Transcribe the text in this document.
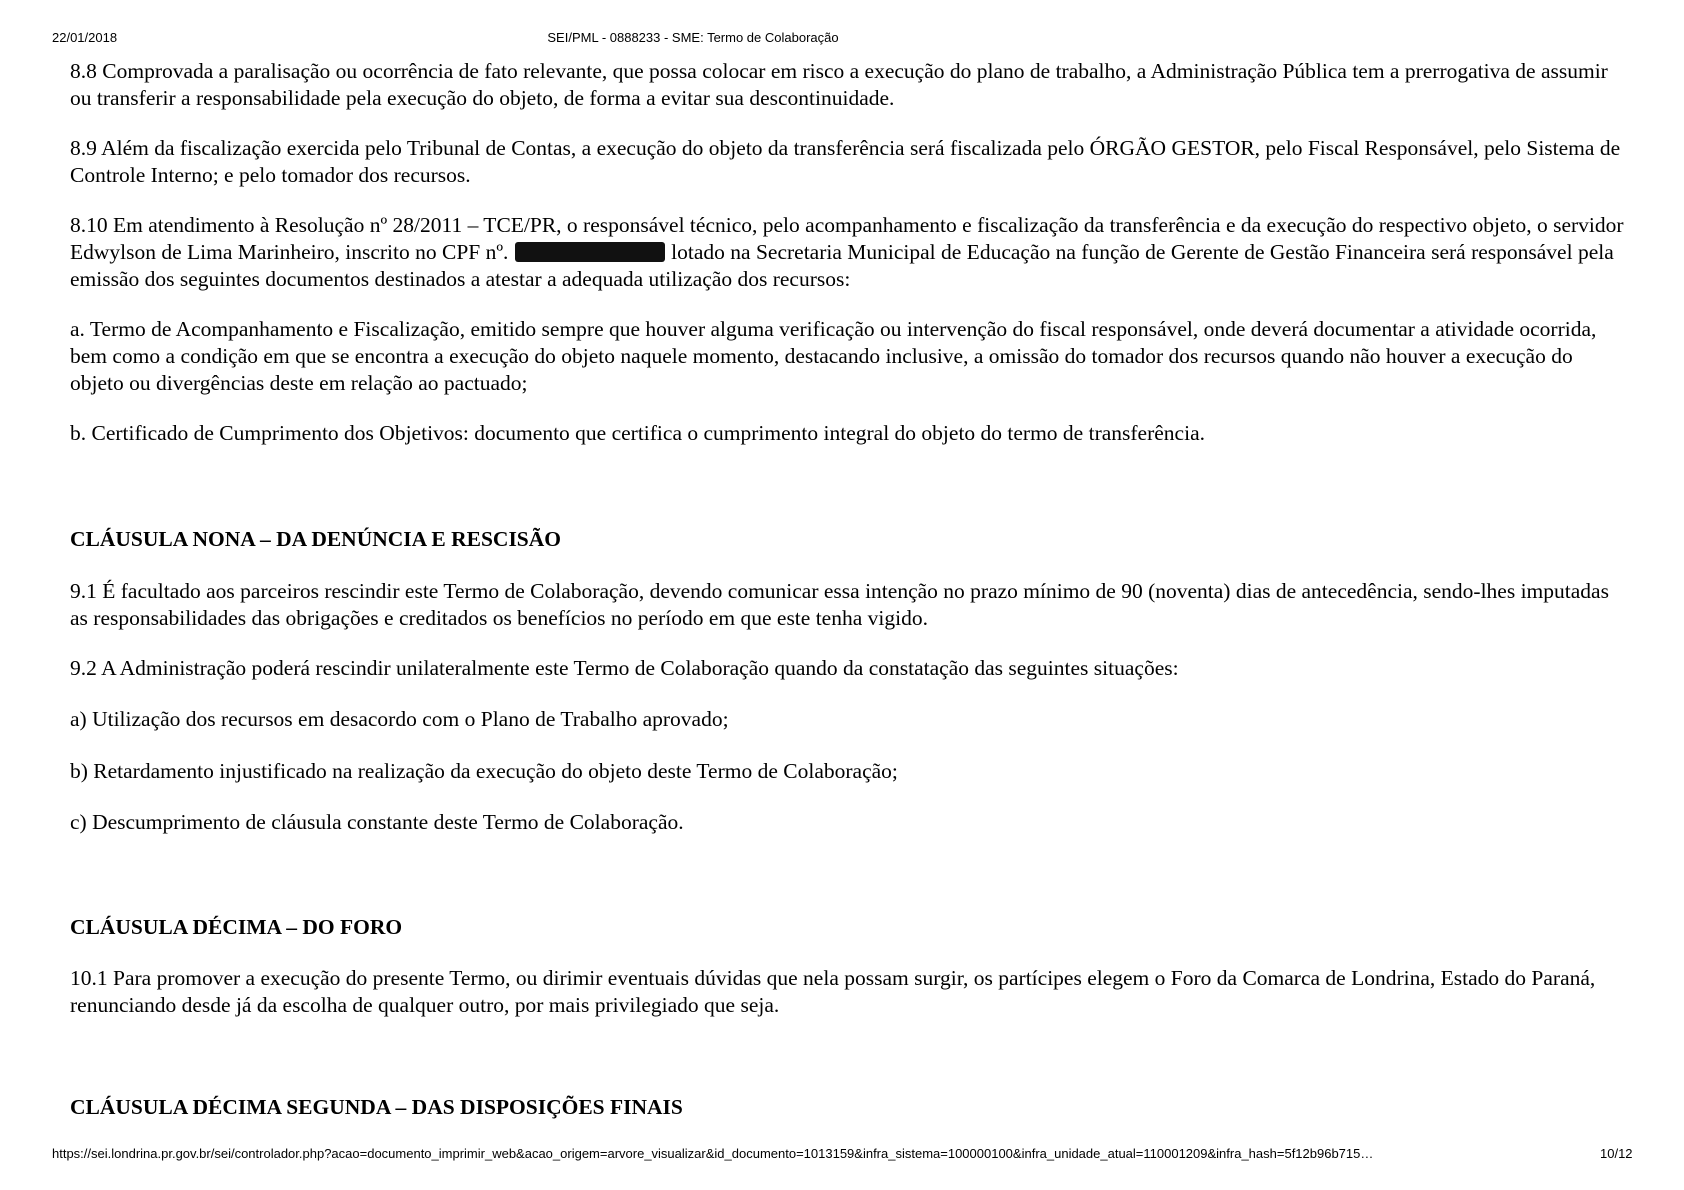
22/01/2018	SEI/PML - 0888233 - SME: Termo de Colaboração

8.8 Comprovada a paralisação ou ocorrência de fato relevante, que possa colocar em risco a execução do plano de trabalho, a Administração Pública tem a prerrogativa de assumir ou transferir a responsabilidade pela execução do objeto, de forma a evitar sua descontinuidade.

8.9 Além da fiscalização exercida pelo Tribunal de Contas, a execução do objeto da transferência será fiscalizada pelo ÓRGÃO GESTOR, pelo Fiscal Responsável, pelo Sistema de Controle Interno; e pelo tomador dos recursos.

8.10 Em atendimento à Resolução nº 28/2011 – TCE/PR, o responsável técnico, pelo acompanhamento e fiscalização da transferência e da execução do respectivo objeto, o servidor Edwylson de Lima Marinheiro, inscrito no CPF nº.	lotado na Secretaria Municipal de Educação na função de Gerente de Gestão Financeira será responsável pela emissão dos seguintes documentos destinados a atestar a adequada utilização dos recursos:

a. Termo de Acompanhamento e Fiscalização, emitido sempre que houver alguma verificação ou intervenção do fiscal responsável, onde deverá documentar a atividade ocorrida, bem como a condição em que se encontra a execução do objeto naquele momento, destacando inclusive, a omissão do tomador dos recursos quando não houver a execução do objeto ou divergências deste em relação ao pactuado;

b. Certificado de Cumprimento dos Objetivos: documento que certifica o cumprimento integral do objeto do termo de transferência.

CLÁUSULA NONA – DA DENÚNCIA E RESCISÃO

9.1 É facultado aos parceiros rescindir este Termo de Colaboração, devendo comunicar essa intenção no prazo mínimo de 90 (noventa) dias de antecedência, sendo-lhes imputadas as responsabilidades das obrigações e creditados os benefícios no período em que este tenha vigido.

9.2 A Administração poderá rescindir unilateralmente este Termo de Colaboração quando da constatação das seguintes situações:

a) Utilização dos recursos em desacordo com o Plano de Trabalho aprovado;

b) Retardamento injustificado na realização da execução do objeto deste Termo de Colaboração;

c) Descumprimento de cláusula constante deste Termo de Colaboração.

CLÁUSULA DÉCIMA – DO FORO

10.1 Para promover a execução do presente Termo, ou dirimir eventuais dúvidas que nela possam surgir, os partícipes elegem o Foro da Comarca de Londrina, Estado do Paraná, renunciando desde já da escolha de qualquer outro, por mais privilegiado que seja.

CLÁUSULA DÉCIMA SEGUNDA – DAS DISPOSIÇÕES FINAIS
https://sei.londrina.pr.gov.br/sei/controlador.php?acao=documento_imprimir_web&acao_origem=arvore_visualizar&id_documento=1013159&infra_sistema=100000100&infra_unidade_atual=110001209&infra_hash=5f12b96b715…	10/12
